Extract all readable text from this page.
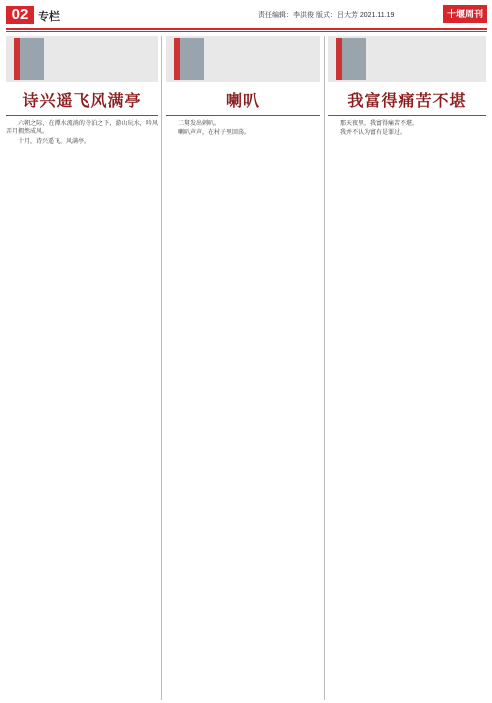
02 专栏	责任编辑：李洪俊 版式：吕大芳 2021.11.19	十堰周刊
诗兴遥飞风满亭

六朝之际，在潭水流淌的寺泊之下，游山玩水，吟风弄月拥然成风。

十月，诗兴遥飞，风满亭。

喇叭

二舅发出刺叭。

喇叭声声，在村子里回荡。

我富得痛苦不堪

那天夜里，我富得痛苦不堪。

我并不认为富有是罪过。
